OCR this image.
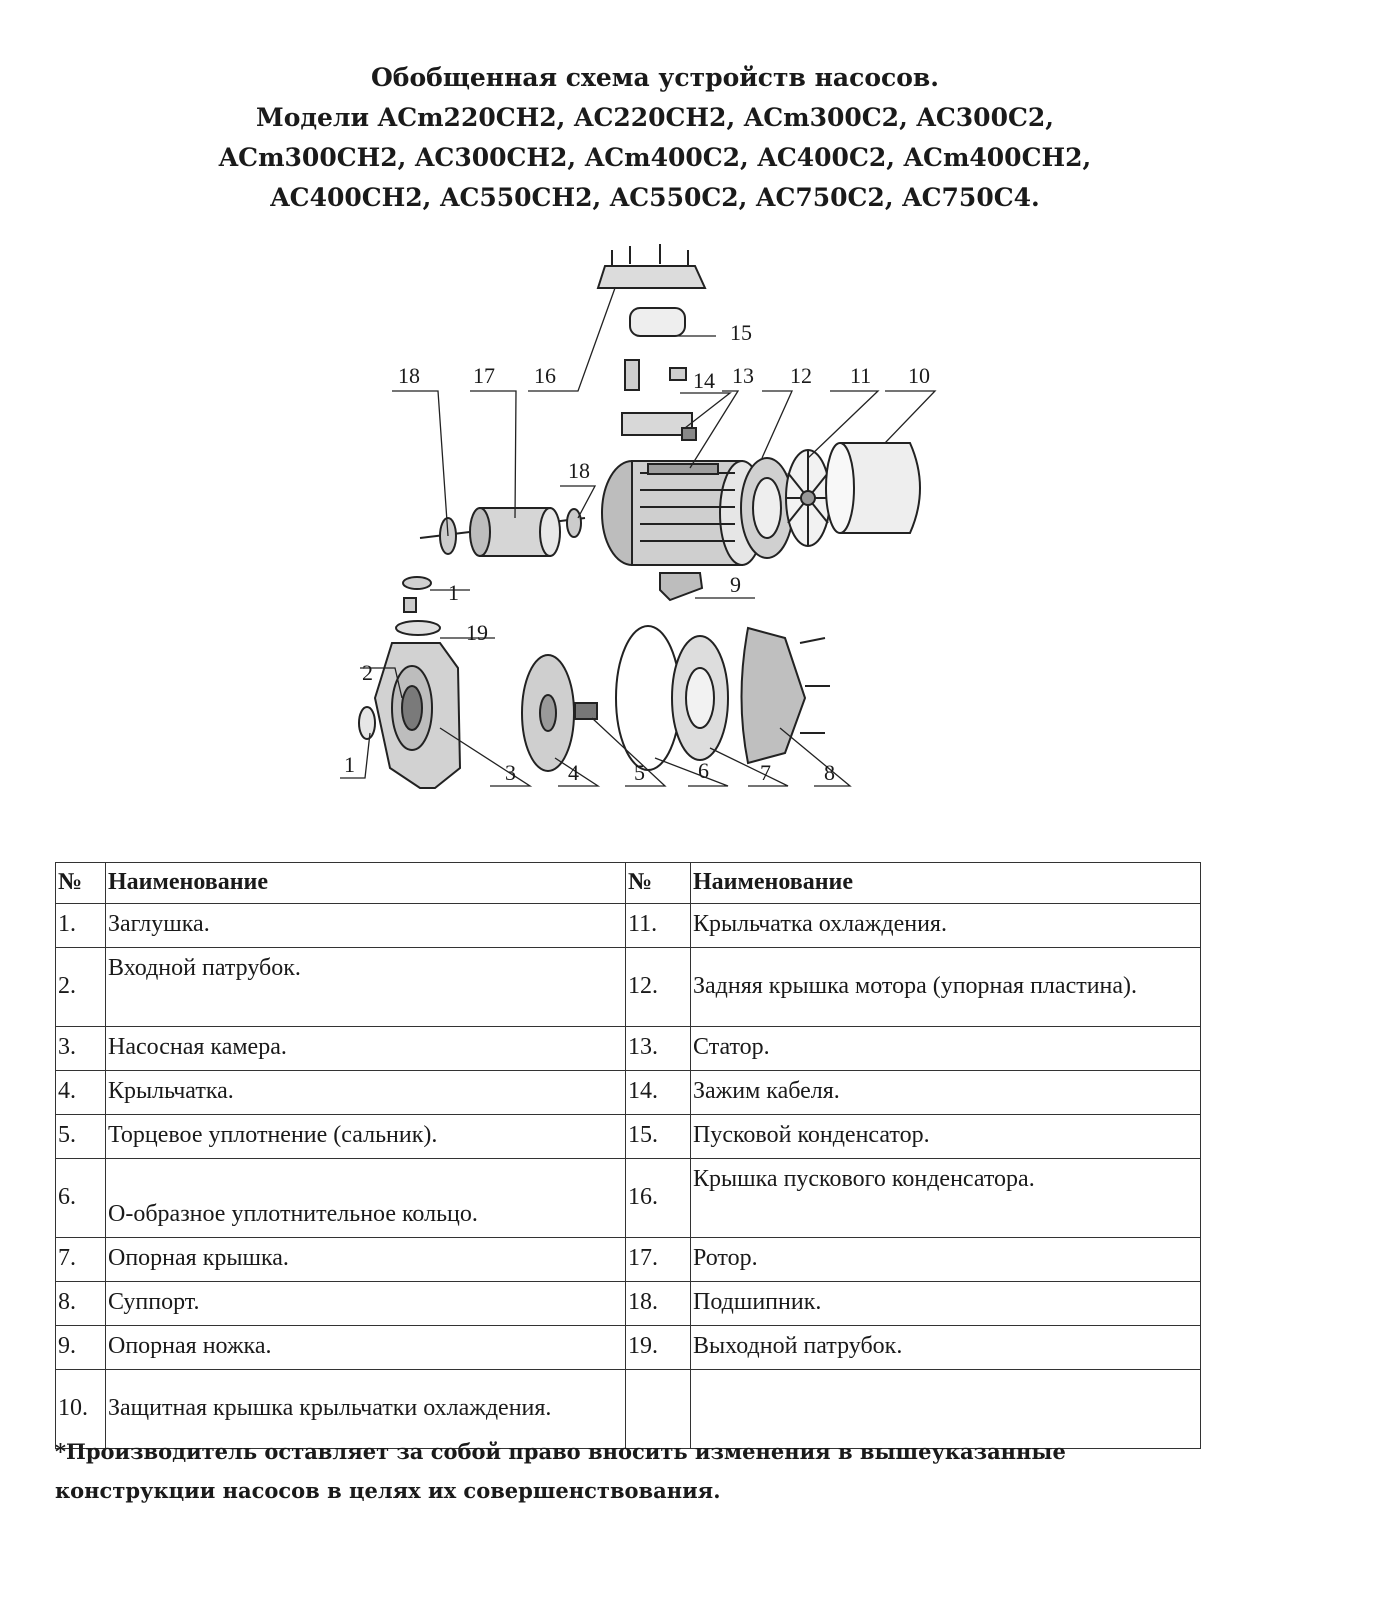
Обобщенная схема устройств насосов.
Модели ACm220CH2, AC220CH2, ACm300C2, AC300C2,
ACm300CH2, AC300CH2, ACm400C2, AC400C2, ACm400CH2,
AC400CH2, AC550CH2, AC550C2, AC750C2, AC750C4.
18 17 16
15
14 13 12 11 10
18
9
1
19
2
1	3 4	5 6 7 8
№	Наименование	№	Наименование
1.	Заглушка.	11.	Крыльчатка охлаждения.
2.	Входной патрубок.	12.	Задняя крышка мотора (упорная пластина).
3.	Насосная камера.	13.	Статор.
4.	Крыльчатка.	14.	Зажим кабеля.
5.	Торцевое уплотнение (сальник).	15.	Пусковой конденсатор.
6.	О-образное уплотнительное кольцо.	16.	Крышка пускового конденсатора.
7.	Опорная крышка.	17.	Ротор.
8.	Суппорт.	18.	Подшипник.
9.	Опорная ножка.	19.	Выходной патрубок.
10.	Защитная крышка крыльчатки охлаждения.		
*Производитель оставляет за собой право вносить изменения в вышеуказанные
конструкции насосов в целях их совершенствования.
